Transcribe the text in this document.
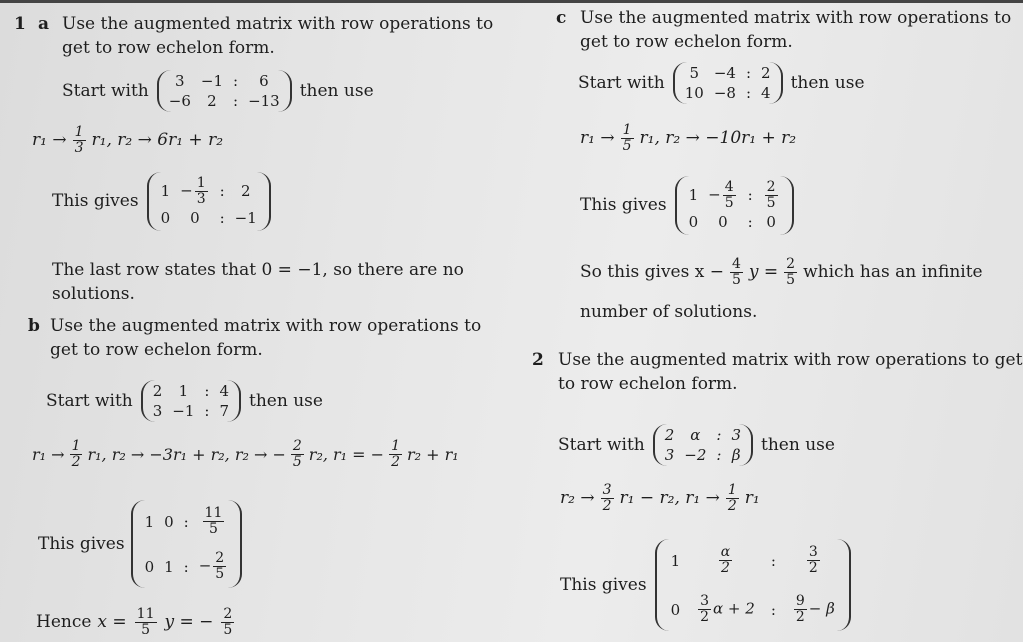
1 a Use the augmented matrix with row operations to
get to row echelon form.
Start with	3	−1 :	6
−6	2	: −13 then use
$r_1 \to \frac{1}{3} r_1$, r₂ → 6r₁ + r₂
This gives $1 - \frac{1}{3}$ :	2
0	0	: −1
The last row states that 0 = −1, so there are no
solutions.
b Use the augmented matrix with row operations to
get to row echelon form.
Start with 2	1	: 4
3 −1 : 7 then use
$r_1 \to \frac{1}{2} r_1$, r₂ → −3r₁ + r₂, r₂ → − $\frac{2}{5} r_2$, r₁ = − $\frac{1}{2} r_2 + r_1$
This gives
1 0 : $\frac{11}{5}$
0 1 : − $\frac{2}{5}$
Hence $x = \frac{11}{5}$ y = − $\frac{2}{5}$
c Use the augmented matrix with row operations to
get to row echelon form.
Start with	5 −4 : 2
10 −8 : 4 then use
$r_1 \to \frac{1}{5} r_1$, r₂ → −10r₁ + r₂
This gives $1 - \frac{4}{5}$ : $\frac{2}{5}$
0	0	: 0
So this gives $x - \frac{4}{5}$ $y = \frac{2}{5}$ which has an infinite
number of solutions.
2 Use the augmented matrix with row operations to get
to row echelon form.
Start with 2	α	: 3
3 −2 : β then use
$r_2 \to \frac{3}{2} r_1 - r_2$, $r_1 \to \frac{1}{2} r_1$
This gives
$1 \frac{\alpha}{2}$ : $\frac{3}{2}$
$0 \frac{3}{2}$ α + 2 : $\frac{9}{2} - \beta$
